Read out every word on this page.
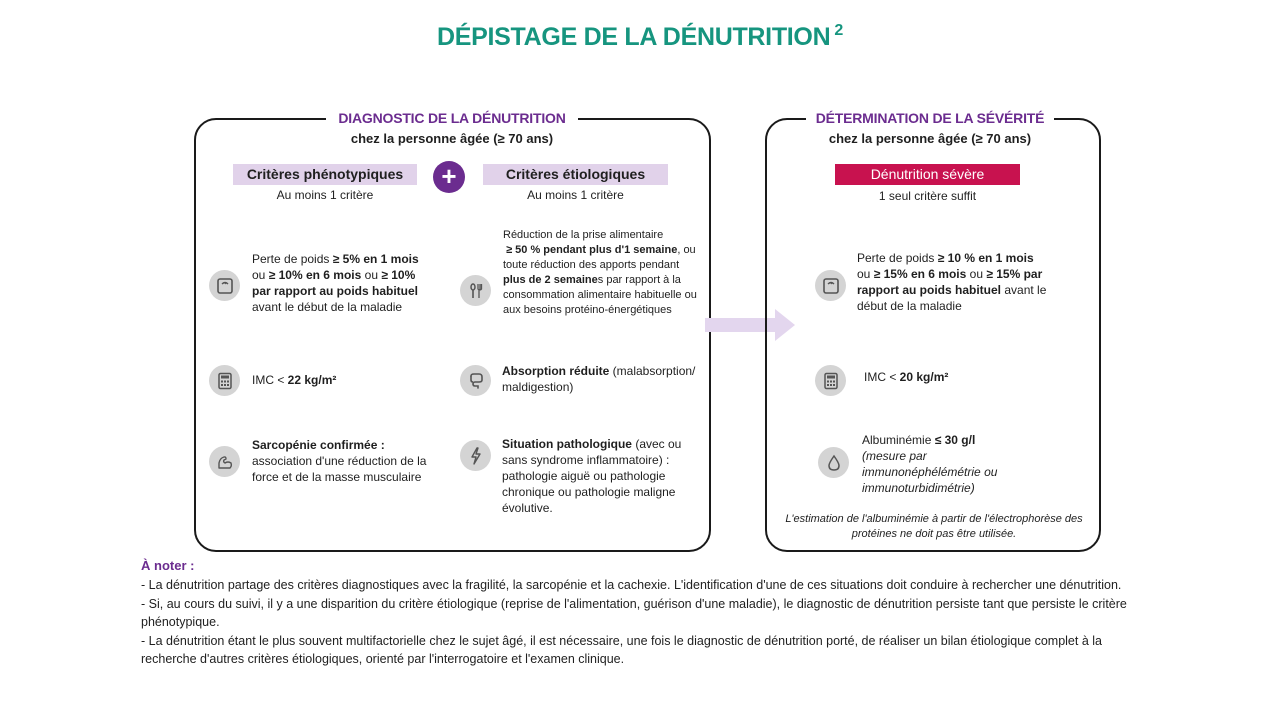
DÉPISTAGE DE LA DÉNUTRITION $^2$
DIAGNOSTIC DE LA DÉNUTRITION
chez la personne âgée (≥ 70 ans)
Critères phénotypiques
Au moins 1 critère
+	Critères étiologiques
Au moins 1 critère
Perte de poids ≥ 5% en 1 mois ou ≥ 10% en 6 mois ou ≥ 10% par rapport au poids habituel avant le début de la maladie
IMC < 22 kg/m²
Sarcopénie confirmée :
association d'une réduction de la force et de la masse musculaire
Réduction de la prise alimentaire
≥ 50 % pendant plus d'1 semaine, ou toute réduction des apports pendant plus de 2 semaines par rapport à la consommation alimentaire habituelle ou aux besoins protéino-énergétiques
Absorption réduite (malabsorption/ maldigestion)
Situation pathologique (avec ou sans syndrome inflammatoire) : pathologie aiguë ou pathologie chronique ou pathologie maligne évolutive.
DÉTERMINATION DE LA SÉVÉRITÉ
chez la personne âgée (≥ 70 ans)
Dénutrition sévère
1 seul critère suffit
Perte de poids ≥ 10 % en 1 mois ou ≥ 15% en 6 mois ou ≥ 15% par rapport au poids habituel avant le début de la maladie
IMC < 20 kg/m²
Albuminémie ≤ 30 g/l
(mesure par immunonéphélémétrie ou immunoturbidimétrie)
L'estimation de l'albuminémie à partir de l'électrophorèse des protéines ne doit pas être utilisée.
À noter :

- La dénutrition partage des critères diagnostiques avec la fragilité, la sarcopénie et la cachexie. L'identification d'une de ces situations doit conduire à rechercher une dénutrition.

- Si, au cours du suivi, il y a une disparition du critère étiologique (reprise de l'alimentation, guérison d'une maladie), le diagnostic de dénutrition persiste tant que persiste le critère phénotypique.

- La dénutrition étant le plus souvent multifactorielle chez le sujet âgé, il est nécessaire, une fois le diagnostic de dénutrition porté, de réaliser un bilan étiologique complet à la recherche d'autres critères étiologiques, orienté par l'interrogatoire et l'examen clinique.
